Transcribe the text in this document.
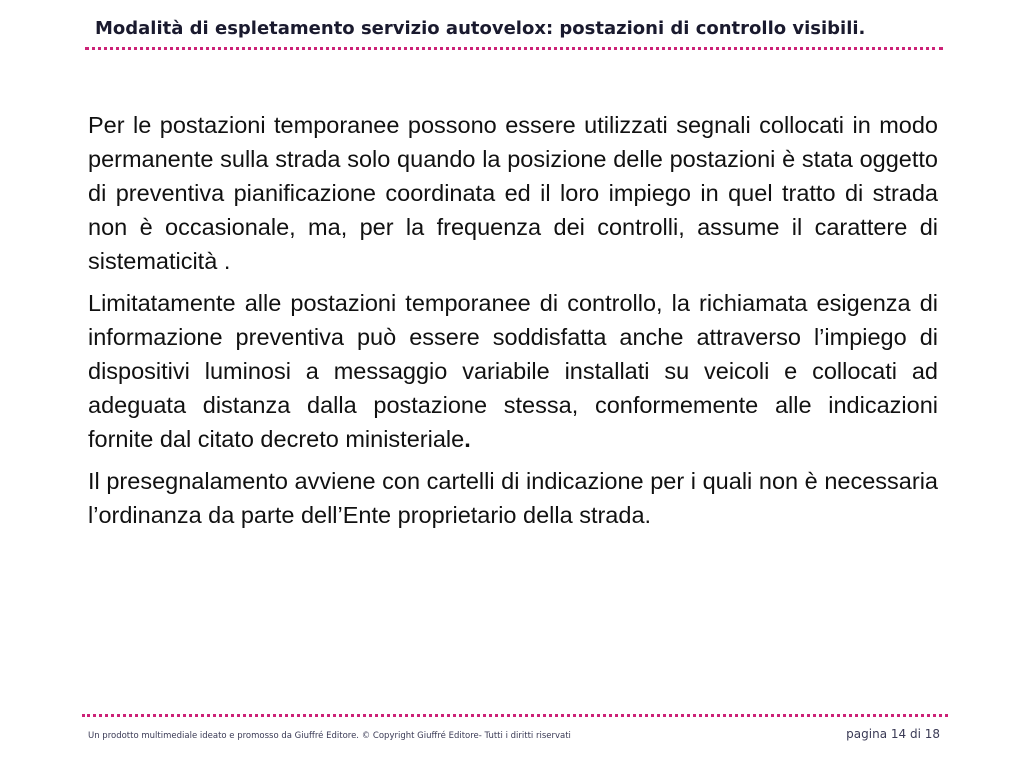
Modalità di espletamento servizio autovelox: postazioni di controllo visibili.

Per le postazioni temporanee possono essere utilizzati segnali collocati in modo permanente sulla strada solo quando la posizione delle postazioni è stata oggetto di preventiva pianificazione coordinata ed il loro impiego in quel tratto di strada non è occasionale, ma, per la frequenza dei controlli, assume il carattere di sistematicità .

Limitatamente alle postazioni temporanee di controllo, la richiamata esigenza di informazione preventiva può essere soddisfatta anche attraverso l’impiego di dispositivi luminosi a messaggio variabile installati su veicoli e collocati ad adeguata distanza dalla postazione stessa, conformemente alle indicazioni fornite dal citato decreto ministeriale.

Il presegnalamento avviene con cartelli di indicazione per i quali non è necessaria l’ordinanza da parte dell’Ente proprietario della strada.

Un prodotto multimediale ideato e promosso da Giuffré Editore. © Copyright Giuffré Editore- Tutti i diritti riservati	pagina 14 di 18
